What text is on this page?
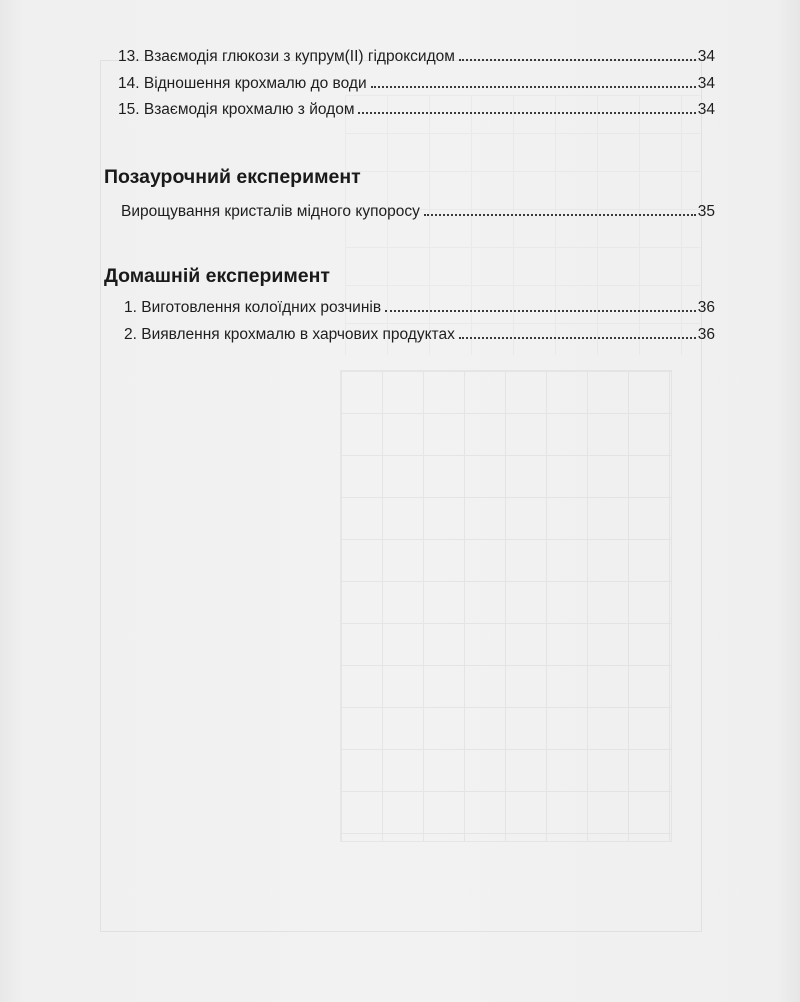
13. Взаємодія глюкози з купрум(ІІ) гідроксидом	34
14. Відношення крохмалю до води	34
15. Взаємодія крохмалю з йодом	34
Позаурочний експеримент
Вирощування кристалів мідного купоросу	35
Домашній експеримент
1. Виготовлення колоїдних розчинів	36
2. Виявлення крохмалю в харчових продуктах	36
